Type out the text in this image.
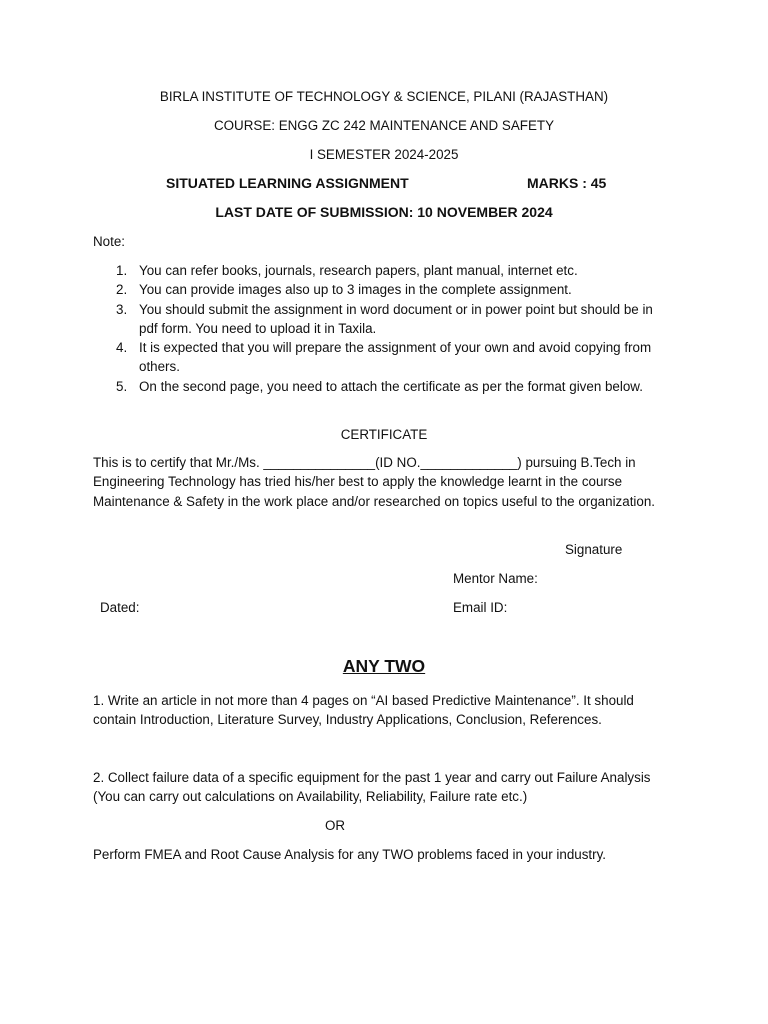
BIRLA INSTITUTE OF TECHNOLOGY & SCIENCE, PILANI (RAJASTHAN)
COURSE: ENGG ZC 242 MAINTENANCE AND SAFETY
I SEMESTER 2024-2025
SITUATED LEARNING ASSIGNMENT	MARKS : 45
LAST DATE OF SUBMISSION: 10 NOVEMBER 2024
Note:
1. You can refer books, journals, research papers, plant manual, internet etc.
2. You can provide images also up to 3 images in the complete assignment.
3. You should submit the assignment in word document or in power point but should be in pdf form. You need to upload it in Taxila.
4. It is expected that you will prepare the assignment of your own and avoid copying from others.
5. On the second page, you need to attach the certificate as per the format given below.
CERTIFICATE
This is to certify that Mr./Ms. _______________(ID NO._____________) pursuing B.Tech in Engineering Technology has tried his/her best to apply the knowledge learnt in the course Maintenance & Safety in the work place and/or researched on topics useful to the organization.
Signature
Mentor Name:
Dated:	Email ID:
ANY TWO
1. Write an article in not more than 4 pages on “AI based Predictive Maintenance”. It should contain Introduction, Literature Survey, Industry Applications, Conclusion, References.
2. Collect failure data of a specific equipment for the past 1 year and carry out Failure Analysis (You can carry out calculations on Availability, Reliability, Failure rate etc.)
OR
Perform FMEA and Root Cause Analysis for any TWO problems faced in your industry.
